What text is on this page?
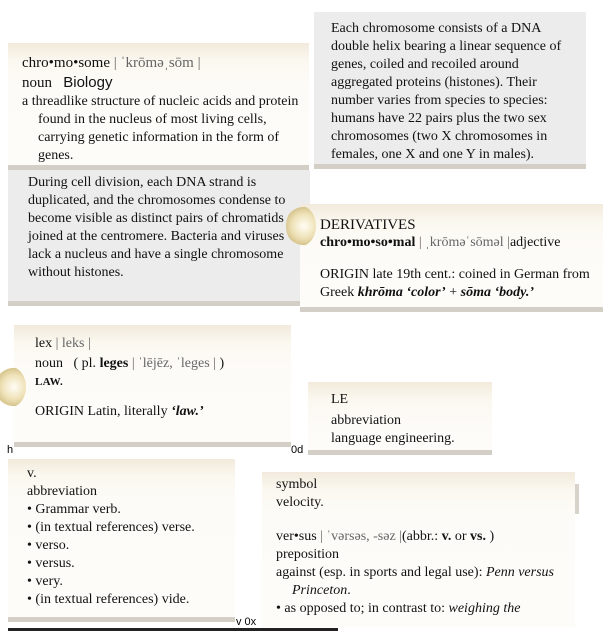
chro•mo•some | ˈkrōməˌsōm |

noun Biology

a threadlike structure of nucleic acids and protein found in the nucleus of most living cells, carrying genetic information in the form of genes.

Each chromosome consists of a DNA double helix bearing a linear sequence of genes, coiled and recoiled around aggregated proteins (histones). Their number varies from species to species: humans have 22 pairs plus the two sex chromosomes (two X chromosomes in females, one X and one Y in males).

During cell division, each DNA strand is duplicated, and the chromosomes condense to become visible as distinct pairs of chromatids joined at the centromere. Bacteria and viruses lack a nucleus and have a single chromosome without histones.

DERIVATIVES

chro•mo•so•mal | ˌkrōməˈsōməl |adjective

ORIGIN late 19th cent.: coined in German from Greek khrōma ‘color’ + sōma ‘body.’

lex | leks |

noun ( pl. leges | ˈlējēz, ˈleges | )

LAW.

ORIGIN Latin, literally ‘law.’

LE

abbreviation

language engineering.

v.

abbreviation

• Grammar verb.
• (in textual references) verse.
• verso.
• versus.
• very.
• (in textual references) vide.

symbol

velocity.

ver•sus | ˈvərsəs, -səz |(abbr.: v. or vs. )

preposition

against (esp. in sports and legal use): Penn versus Princeton.

• as opposed to; in contrast to: weighing the

h	0d
v 0x
